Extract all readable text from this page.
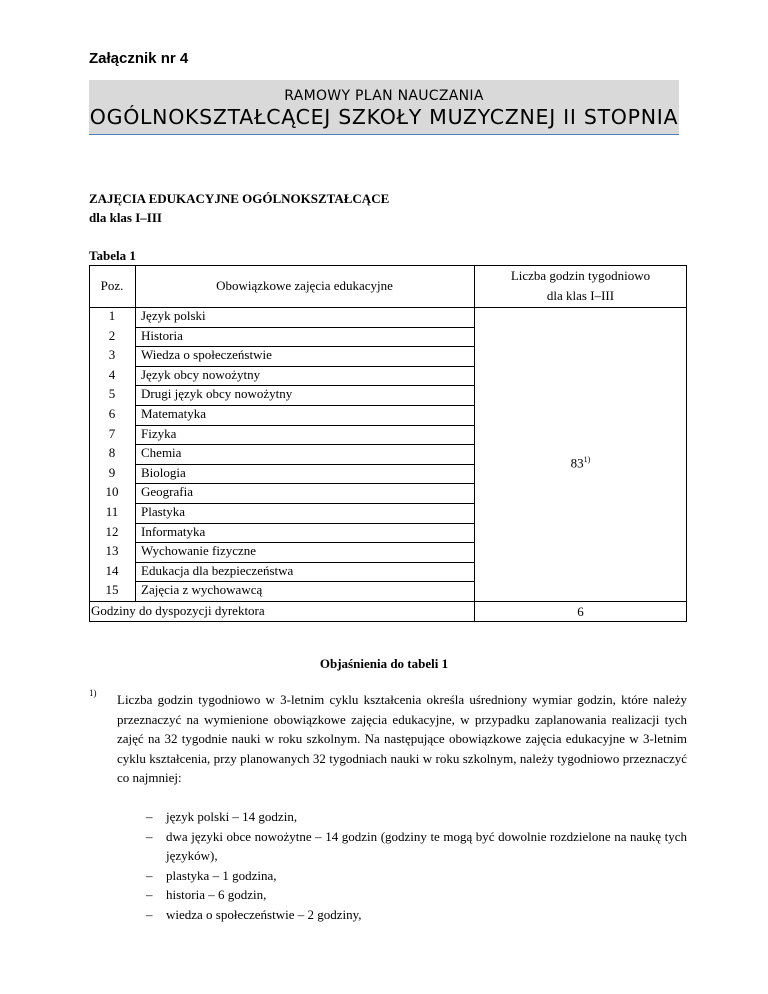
Załącznik nr 4
RAMOWY PLAN NAUCZANIA
OGÓLNOKSZTAŁCĄCEJ SZKOŁY MUZYCZNEJ II STOPNIA
ZAJĘCIA EDUKACYJNE OGÓLNOKSZTAŁCĄCE
dla klas I–III
Tabela 1
Poz.	Obowiązkowe zajęcia edukacyjne
Liczba godzin tygodniowo
dla klas I–III
1	Język polski
2	Historia
3	Wiedza o społeczeństwie
4	Język obcy nowożytny
5	Drugi język obcy nowożytny
6	Matematyka
7	Fizyka
8	Chemia
9	Biologia
10	Geografia
11	Plastyka
12	Informatyka
13	Wychowanie fizyczne
14	Edukacja dla bezpieczeństwa
15	Zajęcia z wychowawcą
83$^{1)}$
Godziny do dyspozycji dyrektora	6
Objaśnienia do tabeli 1
1) Liczba godzin tygodniowo w 3-letnim cyklu kształcenia określa uśredniony wymiar godzin, które należy przeznaczyć na wymienione obowiązkowe zajęcia edukacyjne, w przypadku zaplanowania realizacji tych zajęć na 32 tygodnie nauki w roku szkolnym. Na następujące obowiązkowe zajęcia edukacyjne w 3-letnim cyklu kształcenia, przy planowanych 32 tygodniach nauki w roku szkolnym, należy tygodniowo przeznaczyć co najmniej:
– język polski – 14 godzin,
– dwa języki obce nowożytne – 14 godzin (godziny te mogą być dowolnie rozdzielone na naukę tych języków),
– plastyka – 1 godzina,
– historia – 6 godzin,
– wiedza o społeczeństwie – 2 godziny,
